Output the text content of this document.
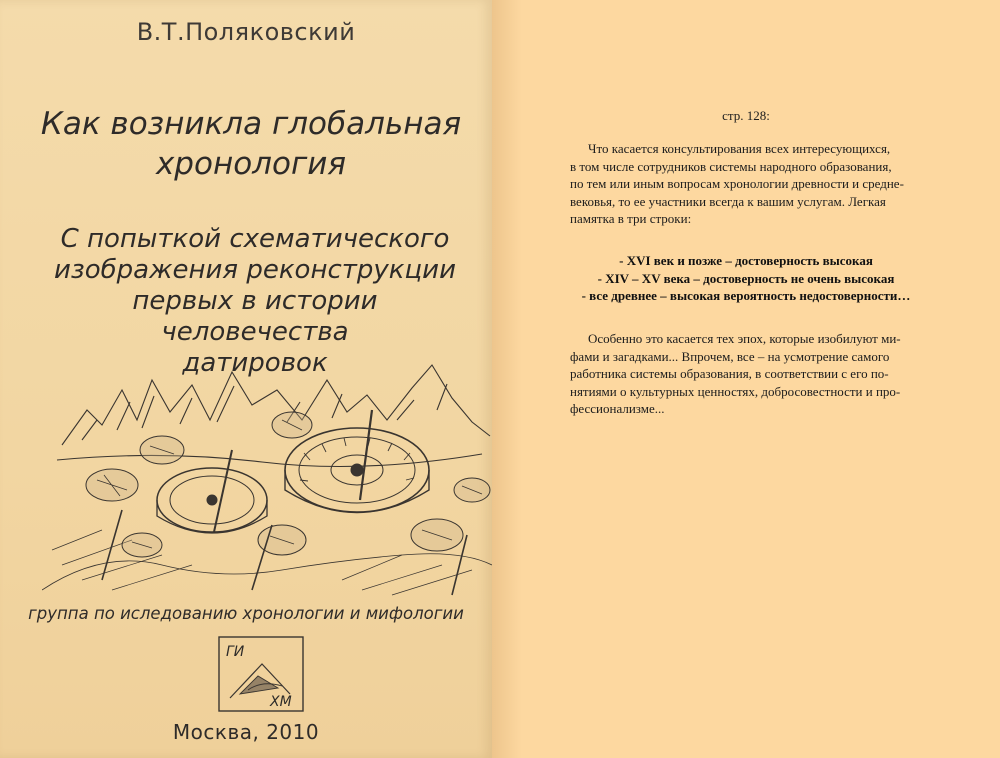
В.Т.Поляковский
Как возникла глобальная
хронология
С попыткой схематического
изображения реконструкции
первых в истории человечества
датировок
группа по иследованию хронологии и мифологии
ГИ
ХМ
Москва, 2010
стр. 128:
Что касается консультирования всех интересующихся,
в том числе сотрудников системы народного образования,
по тем или иным вопросам хронологии древности и средне-
вековья, то ее участники всегда к вашим услугам. Легкая
памятка в три строки:
- XVI век и позже – достоверность высокая
- XIV – XV века – достоверность не очень высокая
- все древнее – высокая вероятность недостоверности…
Особенно это касается тех эпох, которые изобилуют ми-
фами и загадками... Впрочем, все – на усмотрение самого
работника системы образования, в соответствии с его по-
нятиями о культурных ценностях, добросовестности и про-
фессионализме...
